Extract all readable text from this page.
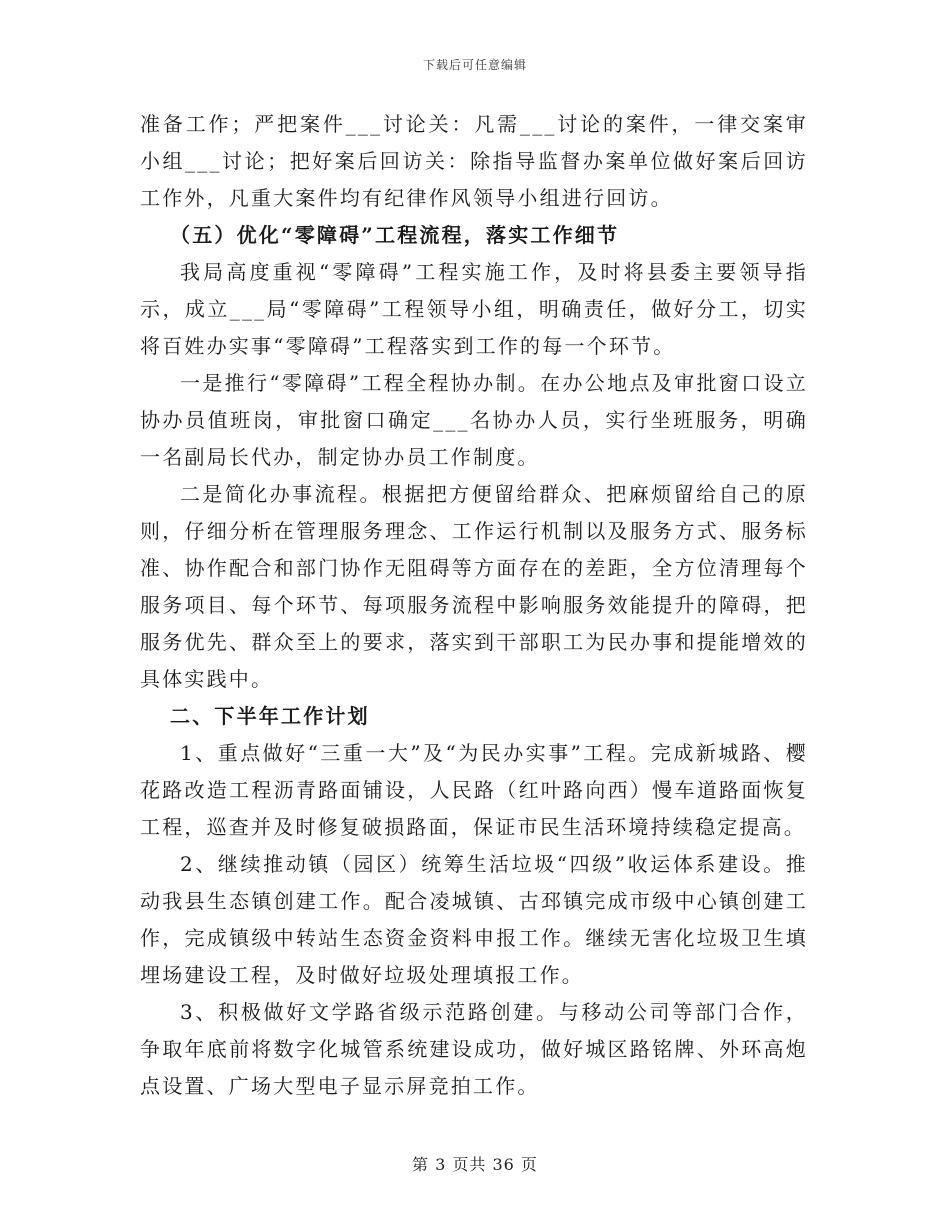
下载后可任意编辑

准备工作；严把案件___讨论关：凡需___讨论的案件，一律交案审小组___讨论；把好案后回访关：除指导监督办案单位做好案后回访工作外，凡重大案件均有纪律作风领导小组进行回访。

（五）优化“零障碍”工程流程，落实工作细节

我局高度重视“零障碍”工程实施工作，及时将县委主要领导指示，成立___局“零障碍”工程领导小组，明确责任，做好分工，切实将百姓办实事“零障碍”工程落实到工作的每一个环节。

一是推行“零障碍”工程全程协办制。在办公地点及审批窗口设立协办员值班岗，审批窗口确定___名协办人员，实行坐班服务，明确一名副局长代办，制定协办员工作制度。

二是简化办事流程。根据把方便留给群众、把麻烦留给自己的原则，仔细分析在管理服务理念、工作运行机制以及服务方式、服务标准、协作配合和部门协作无阻碍等方面存在的差距，全方位清理每个服务项目、每个环节、每项服务流程中影响服务效能提升的障碍，把服务优先、群众至上的要求，落实到干部职工为民办事和提能增效的具体实践中。

二、下半年工作计划

1、重点做好“三重一大”及“为民办实事”工程。完成新城路、樱花路改造工程沥青路面铺设，人民路（红叶路向西）慢车道路面恢复工程，巡查并及时修复破损路面，保证市民生活环境持续稳定提高。

2、继续推动镇（园区）统筹生活垃圾“四级”收运体系建设。推动我县生态镇创建工作。配合凌城镇、古邳镇完成市级中心镇创建工作，完成镇级中转站生态资金资料申报工作。继续无害化垃圾卫生填埋场建设工程，及时做好垃圾处理填报工作。

3、积极做好文学路省级示范路创建。与移动公司等部门合作，争取年底前将数字化城管系统建设成功，做好城区路铭牌、外环高炮点设置、广场大型电子显示屏竞拍工作。

第 3 页共 36 页
